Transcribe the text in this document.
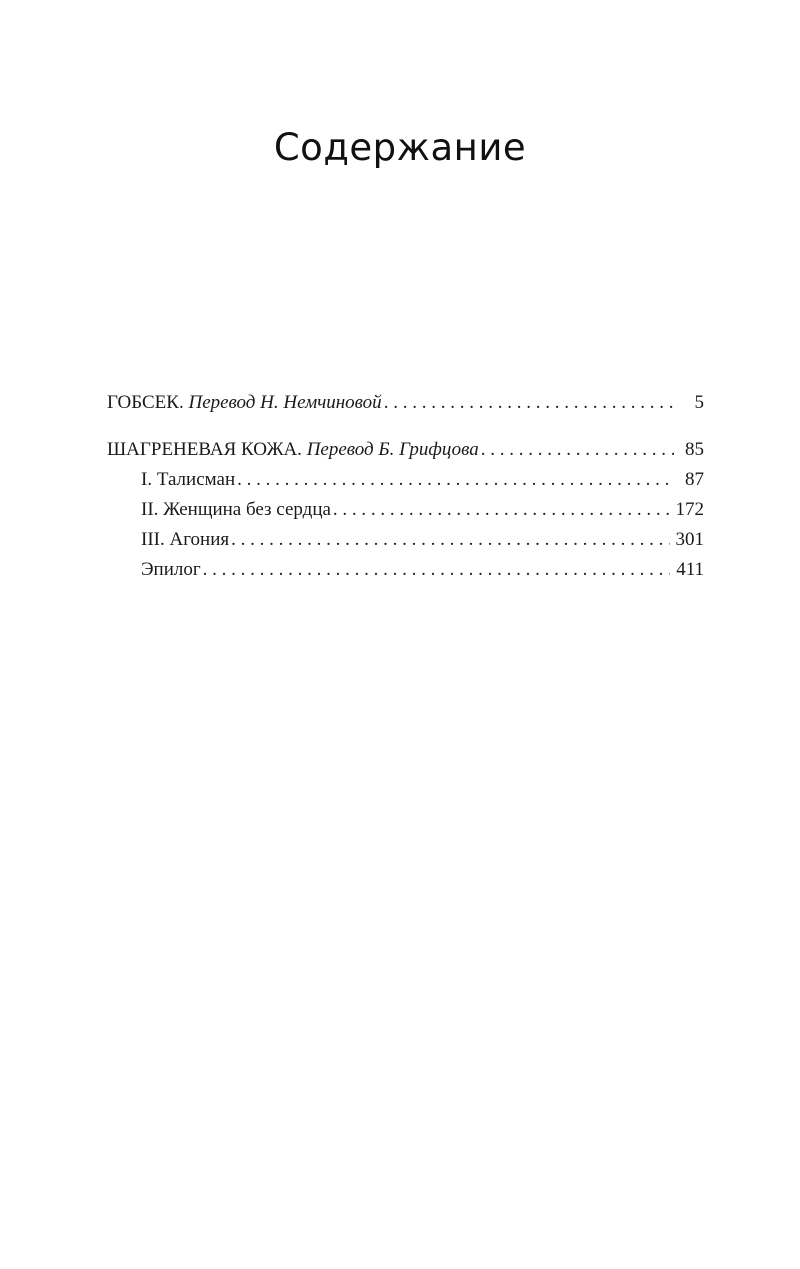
Содержание
ГОБСЕК. Перевод Н. Немчиновой . . .	5
ШАГРЕНЕВАЯ КОЖА. Перевод Б. Грифцова . . .	85
I. Талисман . . .	87
II. Женщина без сердца . . .	172
III. Агония . . .	301
Эпилог . . .	411
